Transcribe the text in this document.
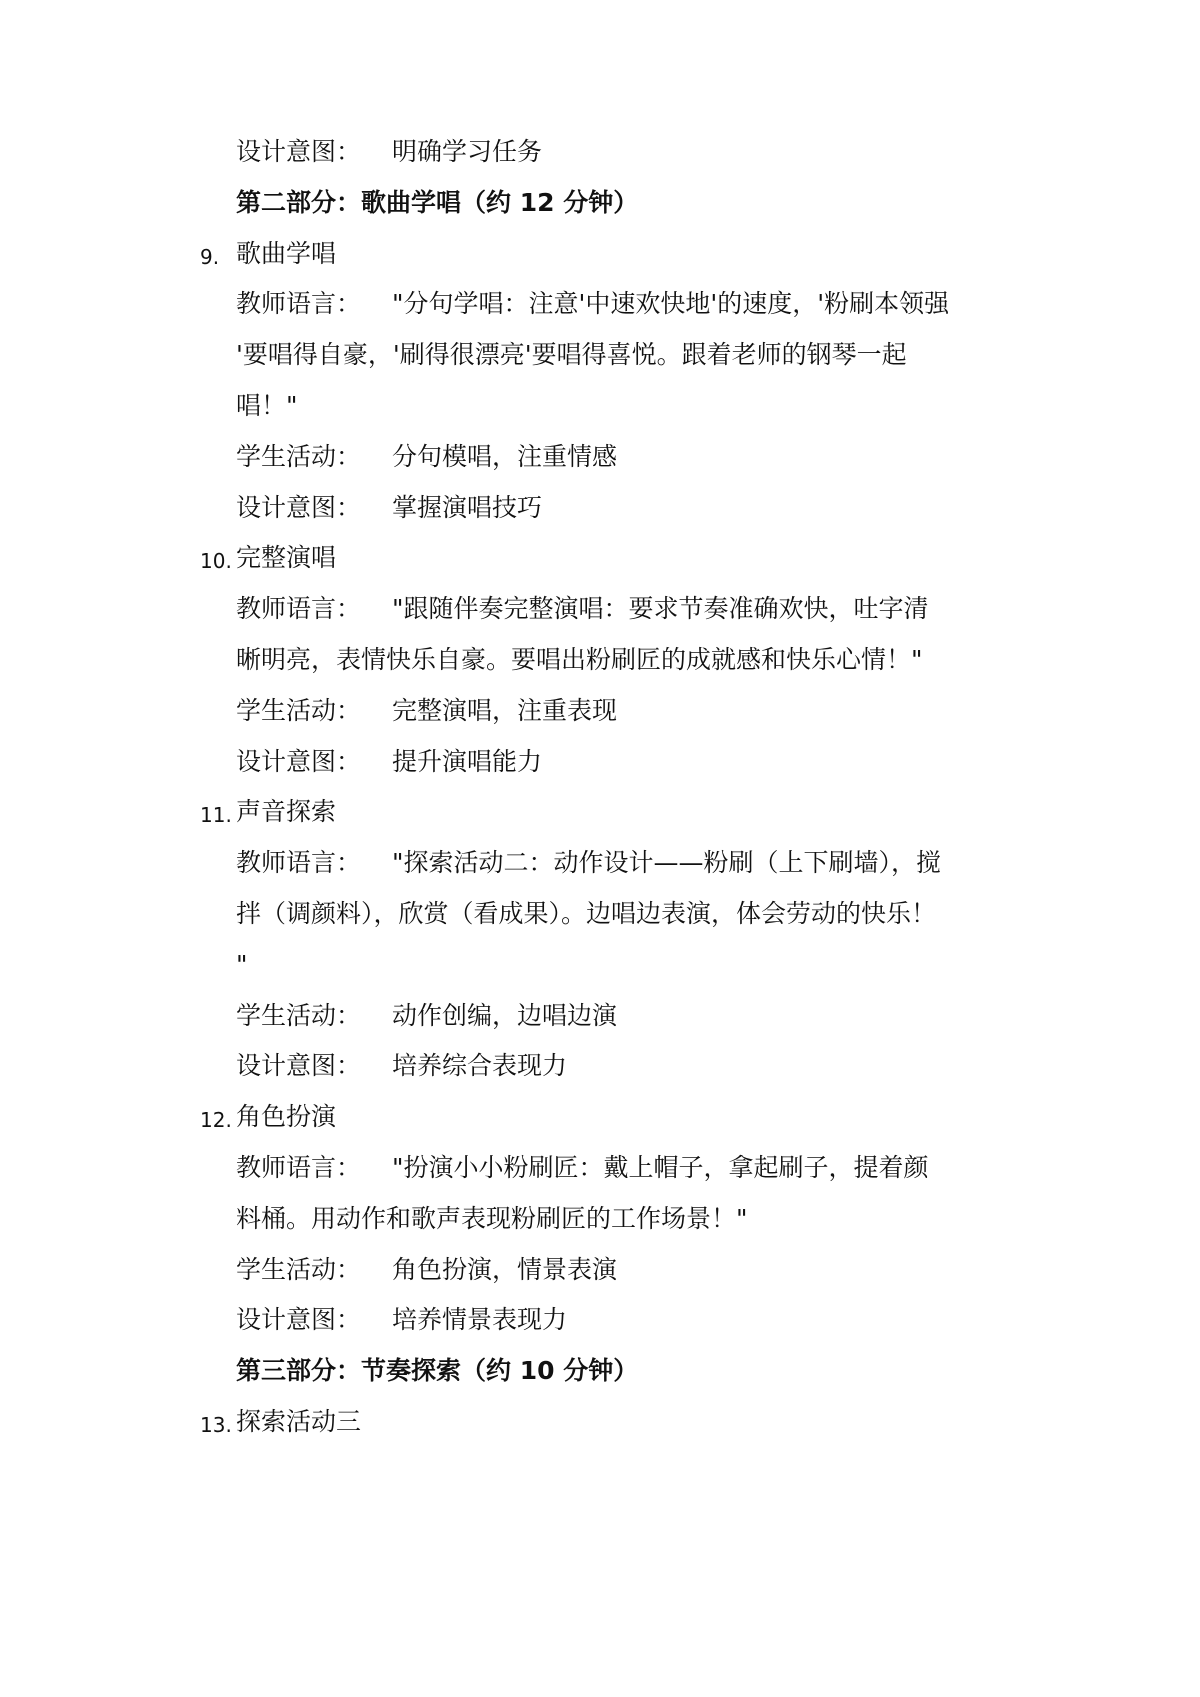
设计意图： 明确学习任务
第二部分：歌曲学唱（约 12 分钟）
9. 歌曲学唱
教师语言： "分句学唱：注意'中速欢快地'的速度，'粉刷本领强
'要唱得自豪，'刷得很漂亮'要唱得喜悦。跟着老师的钢琴一起
唱！"
学生活动： 分句模唱，注重情感
设计意图： 掌握演唱技巧
10. 完整演唱
教师语言： "跟随伴奏完整演唱：要求节奏准确欢快，吐字清
晰明亮，表情快乐自豪。要唱出粉刷匠的成就感和快乐心情！"
学生活动： 完整演唱，注重表现
设计意图： 提升演唱能力
11. 声音探索
教师语言： "探索活动二：动作设计——粉刷（上下刷墙），搅
拌（调颜料），欣赏（看成果）。边唱边表演，体会劳动的快乐！
"
学生活动： 动作创编，边唱边演
设计意图： 培养综合表现力
12. 角色扮演
教师语言： "扮演小小粉刷匠：戴上帽子，拿起刷子，提着颜
料桶。用动作和歌声表现粉刷匠的工作场景！"
学生活动： 角色扮演，情景表演
设计意图： 培养情景表现力
第三部分：节奏探索（约 10 分钟）
13. 探索活动三
